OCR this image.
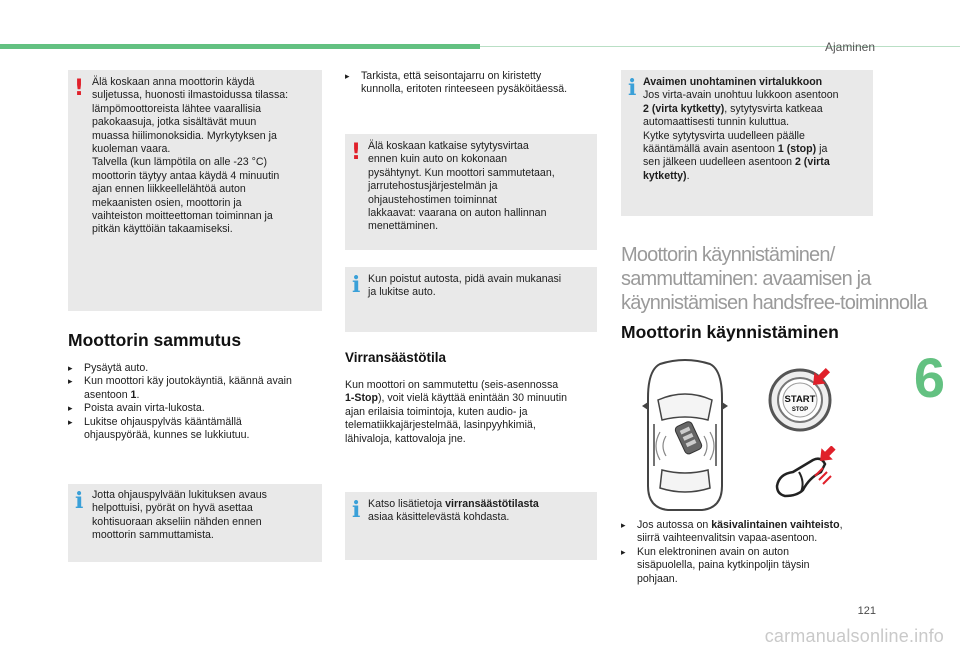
Ajaminen
! Älä koskaan anna moottorin käydä
suljetussa, huonosti ilmastoidussa tilassa:
lämpömoottoreista lähtee vaarallisia
pakokaasuja, jotka sisältävät muun
muassa hiilimonoksidia. Myrkytyksen ja
kuoleman vaara.
Talvella (kun lämpötila on alle -23 °C)
moottorin täytyy antaa käydä 4 minuutin
ajan ennen liikkeellelähtöä auton
mekaanisten osien, moottorin ja
vaihteiston moitteettoman toiminnan ja
pitkän käyttöiän takaamiseksi.
Moottorin sammutus
▸ Pysäytä auto.
▸ Kun moottori käy joutokäyntiä, käännä avain
asentoon 1.
▸ Poista avain virta-lukosta.
▸ Lukitse ohjauspylväs kääntämällä
ohjauspyörää, kunnes se lukkiutuu.
i Jotta ohjauspylvään lukituksen avaus
helpottuisi, pyörät on hyvä asettaa
kohtisuoraan akseliin nähden ennen
moottorin sammuttamista.
▸ Tarkista, että seisontajarru on kiristetty
kunnolla, eritoten rinteeseen pysäköitäessä.
! Älä koskaan katkaise sytytysvirtaa
ennen kuin auto on kokonaan
pysähtynyt. Kun moottori sammutetaan,
jarrutehostusjärjestelmän ja
ohjaustehostimen toiminnat
lakkaavat: vaarana on auton hallinnan
menettäminen.
i Kun poistut autosta, pidä avain mukanasi
ja lukitse auto.
Virransäästötila
Kun moottori on sammutettu (seis-asennossa
1-Stop), voit vielä käyttää enintään 30 minuutin
ajan erilaisia toimintoja, kuten audio- ja
telematiikkajärjestelmää, lasinpyyhkimiä,
lähivaloja, kattovaloja jne.
i Katso lisätietoja virransäästötilasta
asiaa käsittelevästä kohdasta.
i Avaimen unohtaminen virtalukkoon
Jos virta-avain unohtuu lukkoon asentoon
2 (virta kytketty), sytytysvirta katkeaa
automaattisesti tunnin kuluttua.
Kytke sytytysvirta uudelleen päälle
kääntämällä avain asentoon 1 (stop) ja
sen jälkeen uudelleen asentoon 2 (virta
kytketty).
Moottorin käynnistäminen/
sammuttaminen: avaamisen ja
käynnistämisen handsfree-toiminnolla
Moottorin käynnistäminen
START
STOP
▸ Jos autossa on käsivalintainen vaihteisto,
siirrä vaihteenvalitsin vapaa-asentoon.
▸ Kun elektroninen avain on auton
sisäpuolella, paina kytkinpoljin täysin
pohjaan.
6
121
carmanualsonline.info
